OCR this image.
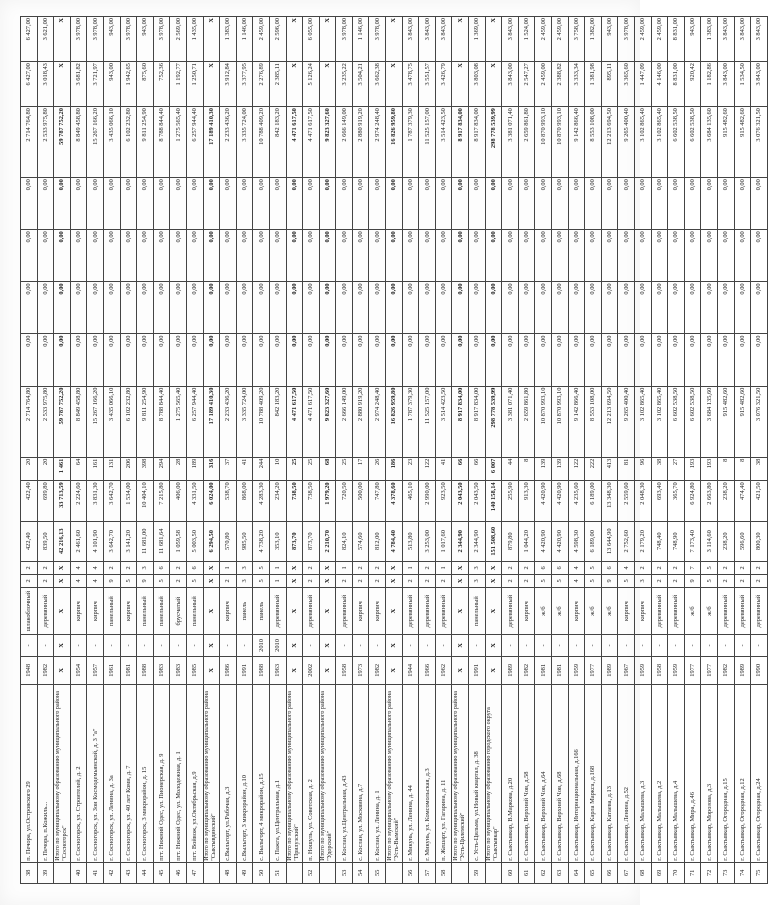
38	п. Печора, ул.Островского 29	1948	-	шлакоблочный	2	2	422,40	422,40	20	2 714 764,80	0,00	0,00	0,00	0,00	2 714 764,80	6 427,00	6 427,00
39	г. Печора, п.Кожиль...	1982	-	деревянный	2	2	839,50	699,80	20	2 533 975,80	0,00	0,00	0,00	0,00	2 533 975,80	3 018,43	3 621,00
	Итого по муниципальному образованию муниципального района "Сосногорск"	X	X	X	X	X	42 216,13	33 713,59	1 461	59 787 752,20	0,00	0,00	0,00	0,00	59 787 752,20	X	X
40	г. Сосногорск, ул. Строителей, д. 2	1954	-	кирпич	4	4	2 461,60	2 224,60	64	8 849 458,80	0,00	0,00	0,00	0,00	8 849 458,80	3 681,82	3 978,00
41	г. Сосногорск, ул. Зои Космодемьянской, д. 3 "а"	1957	-	кирпич	4	4	4 101,90	3 831,30	161	15 267 166,20	0,00	0,00	0,00	0,00	15 267 166,20	3 721,97	3 978,00
42	г. Сосногорск, ул. Ленина, д. 3а	1961	-	панельный	9	2	3 642,70	3 642,70	131	3 435 066,10	0,00	0,00	0,00	0,00	3 435 066,10	943,00	943,00
43	г. Сосногорск, ул. 40 лет Коми, д. 7	1981	-	кирпич	5	2	3 141,20	1 534,00	206	6 102 232,80	0,00	0,00	0,00	0,00	6 102 232,80	1 942,65	3 978,00
44	г. Сосногорск, 3 микрорайон, д. 15	1988	-	панельный	9	3	11 681,00	10 404,10	398	9 811 254,90	0,00	0,00	0,00	0,00	9 811 254,90	875,60	943,00
45	пгт. Нижний Одес, ул. Пионерская, д. 9	1983	-	панельный	5	6	11 681,64	7 215,80	294	8 788 844,40	0,00	0,00	0,00	0,00	8 788 844,40	752,36	3 978,00
46	пгт. Нижний Одес, ул. Молодежная, д. 1	1983	-	брусчатый	2	2	1 059,58	406,00	28	1 275 565,40	0,00	0,00	0,00	0,00	1 275 565,40	1 192,77	2 569,00
47	пгт. Войвож, ул.Октябрьская, д.9	1985	-	панельный	5	6	5 003,50	4 331,50	189	6 257 944,40	0,00	0,00	0,00	0,00	6 257 944,40	1 250,71	1 435,00
	Итого по муниципальному образованию муниципального района "Сыктывдинский"	X	X	X	X	X	6 294,50	6 024,00	316	17 189 410,30	0,00	0,00	0,00	0,00	17 189 410,30	X	X
48	с.Выльгорт, ул.Рабочая, д.3	1986	-	кирпич	2	1	570,80	538,70	37	2 233 436,20	0,00	0,00	0,00	0,00	2 233 436,20	3 912,84	1 383,00
49	с.Выльгорт, 3 микрорайон, д.10	1991	-	панель	3	3	985,50	868,00	41	3 335 724,00	0,00	0,00	0,00	0,00	3 335 724,00	3 377,95	1 146,00
50	с. Выльгорт, 4 микрорайон, д.15	1988	2010	панель	5	5	4 738,20	4 283,30	244	10 788 409,20	0,00	0,00	0,00	0,00	10 788 409,20	2 276,89	2 459,00
51	с. Пажга, ул.Центральная, д.1	1963	2010	деревянный	1	1	353,10	234,20	10	842 183,20	0,00	0,00	0,00	0,00	842 183,20	2 385,11	2 596,00
	Итого по муниципальному образованию муниципального района "Прилузский"	X	X	X	X	X	873,70	738,50	25	4 471 617,50	0,00	0,00	0,00	0,00	4 471 617,50	X	X
52	п. Ношуль, ул. Советская, д. 2	2002	-	деревянный	2	2	873,70	738,50	25	4 471 617,50	0,00	0,00	0,00	0,00	4 471 617,50	5 126,24	6 055,00
	Итого по муниципальному образованию муниципального района "Удорский"	X	X	X	X	X	2 210,70	1 979,20	68	9 823 327,60	0,00	0,00	0,00	0,00	9 823 327,60	X	X
53	г. Кослан, ул.Центральная, д.43	1958	-	деревянный	2	1	824,10	720,50	25	2 666 149,00	0,00	0,00	0,00	0,00	2 666 149,00	3 235,22	3 978,00
54	с. Кослан, ул. Москвина, д.7	1973	-	кирпич	2	2	574,60	500,00	17	2 880 919,20	0,00	0,00	0,00	0,00	2 880 919,20	3 504,21	1 146,00
55	г. Кослан, ул. Ленина, д. 1	1982	-	кирпич	2	2	812,00	747,80	26	2 974 248,40	0,00	0,00	0,00	0,00	2 974 248,40	3 662,38	3 978,00
	Итого по муниципальному образованию муниципального района "Усть-Вымский"	X	X	X	X	X	4 784,40	4 378,60	186	16 826 959,80	0,00	0,00	0,00	0,00	16 826 959,80	X	X
56	г. Микунь, ул. Ленина, д. 44	1944	-	деревянный	2	1	513,80	465,10	23	1 787 379,30	0,00	0,00	0,00	0,00	1 787 379,30	3 478,75	3 843,00
57	г. Микунь, ул. Комсомольская, д.3	1966	-	деревянный	2	2	3 253,00	2 990,00	122	11 525 157,00	0,00	0,00	0,00	0,00	11 525 157,00	3 551,57	3 843,00
58	п. Жешарт, ул. Гагарина, д. 11	1962	-	деревянный	2	1	1 017,60	923,50	41	3 514 423,50	0,00	0,00	0,00	0,00	3 514 423,50	3 426,79	3 843,00
	Итого по муниципальному образованию муниципального района "Усть-Цилемский"	X	X	X	X	X	2 344,90	2 043,50	66	8 917 834,00	0,00	0,00	0,00	0,00	8 917 834,00	X	X
59	с. Усть-Цильма, ул.Новый квартал, д. 38	1991	-	панельный	3	3	2 344,90	2 043,50	66	8 917 834,00	0,00	0,00	0,00	0,00	8 917 834,00	3 803,08	1 369,00
	Итого по муниципальному образованию городского округа "Сыктывкар"	X	X	X	X	X	151 508,60	140 158,14	6 007	298 778 539,99	0,00	0,00	0,00	0,00	298 778 539,99	X	X
60	г. Сыктывкар, В.Маркова, д.20	1989	-	деревянный	2	2	879,80	255,90	44	3 381 071,40	0,00	0,00	0,00	0,00	3 381 071,40	3 843,00	3 843,00
61	г. Сыктывкар, Верхний Чов, д.58	1982	-	кирпич	2	2	1 044,20	913,30	8	2 659 861,80	0,00	0,00	0,00	0,00	2 659 861,80	2 547,27	1 524,00
62	г. Сыктывкар, Верхний Чов, д.64	1981	-	ж/б	5	6	4 420,90	4 420,90	139	10 870 993,10	0,00	0,00	0,00	0,00	10 870 993,10	2 459,00	2 459,00
63	г. Сыктывкар, Верхний Чов, д.68	1981	-	ж/б	5	6	4 420,90	4 420,90	139	10 870 993,10	0,00	0,00	0,00	0,00	10 870 993,10	2 388,82	2 459,00
64	г. Сыктывкар, Интернациональная, д.166	1959	-	кирпич	4	4	4 598,30	4 235,60	122	9 142 866,40	0,00	0,00	0,00	0,00	9 142 866,40	3 333,34	3 758,00
65	г. Сыктывкар, Карла Маркса, д.168	1977	-	ж/б	5	5	6 189,00	6 189,00	222	8 553 108,00	0,00	0,00	0,00	0,00	8 553 108,00	1 381,98	1 382,00
66	г. Сыктывкар, Катаева, д.13	1989	-	ж/б	9	6	13 644,90	13 348,30	413	12 213 694,50	0,00	0,00	0,00	0,00	12 213 694,50	895,11	943,00
67	г. Сыктывкар, Ленина, д.52	1967	-	кирпич	5	4	2 752,60	2 559,60	81	9 265 400,40	0,00	0,00	0,00	0,00	9 265 400,40	3 365,60	3 978,00
68	г. Сыктывкар, Малышева, д.3	1959	-	кирпич	3	2	2 179,20	2 048,30	96	3 102 865,40	0,00	0,00	0,00	0,00	3 102 865,40	1 447,09	2 459,00
69	г. Сыктывкар, Малышева, д.2	1958	-	деревянный	2	2	748,40	693,40	38	3 102 865,40	0,00	0,00	0,00	0,00	3 102 865,40	4 146,00	2 459,00
70	г. Сыктывкар, Малышева, д.4	1959	-	деревянный	2	2	748,90	365,70	27	6 602 538,50	0,00	0,00	0,00	0,00	6 602 538,50	8 831,00	8 831,00
71	г. Сыктывкар, Мира, д.46	1977	-	ж/б	9	7	7 173,40	6 924,80	193	6 602 538,50	0,00	0,00	0,00	0,00	6 602 538,50	920,42	943,00
72	г. Сыктывкар, Морозова, д.3	1977	-	ж/б	5	5	3 114,60	2 663,80	193	3 684 135,60	0,00	0,00	0,00	0,00	3 684 135,60	1 182,86	1 383,00
73	г. Сыктывкар, Огородная, д.15	1982	-	деревянный	2	2	238,20	238,20	8	915 482,60	0,00	0,00	0,00	0,00	915 482,60	3 843,00	3 843,00
74	г. Сыктывкар, Огородная, д.12	1989	-	деревянный	2	2	596,60	474,40	8	915 482,60	0,00	0,00	0,00	0,00	915 482,60	1 534,50	3 843,00
75	г. Сыктывкар, Огородная, д.24	1990	-	деревянный	2	2	800,30	421,50	38	3 076 321,50	0,00	0,00	0,00	0,00	3 076 321,50	3 843,00	3 843,00
